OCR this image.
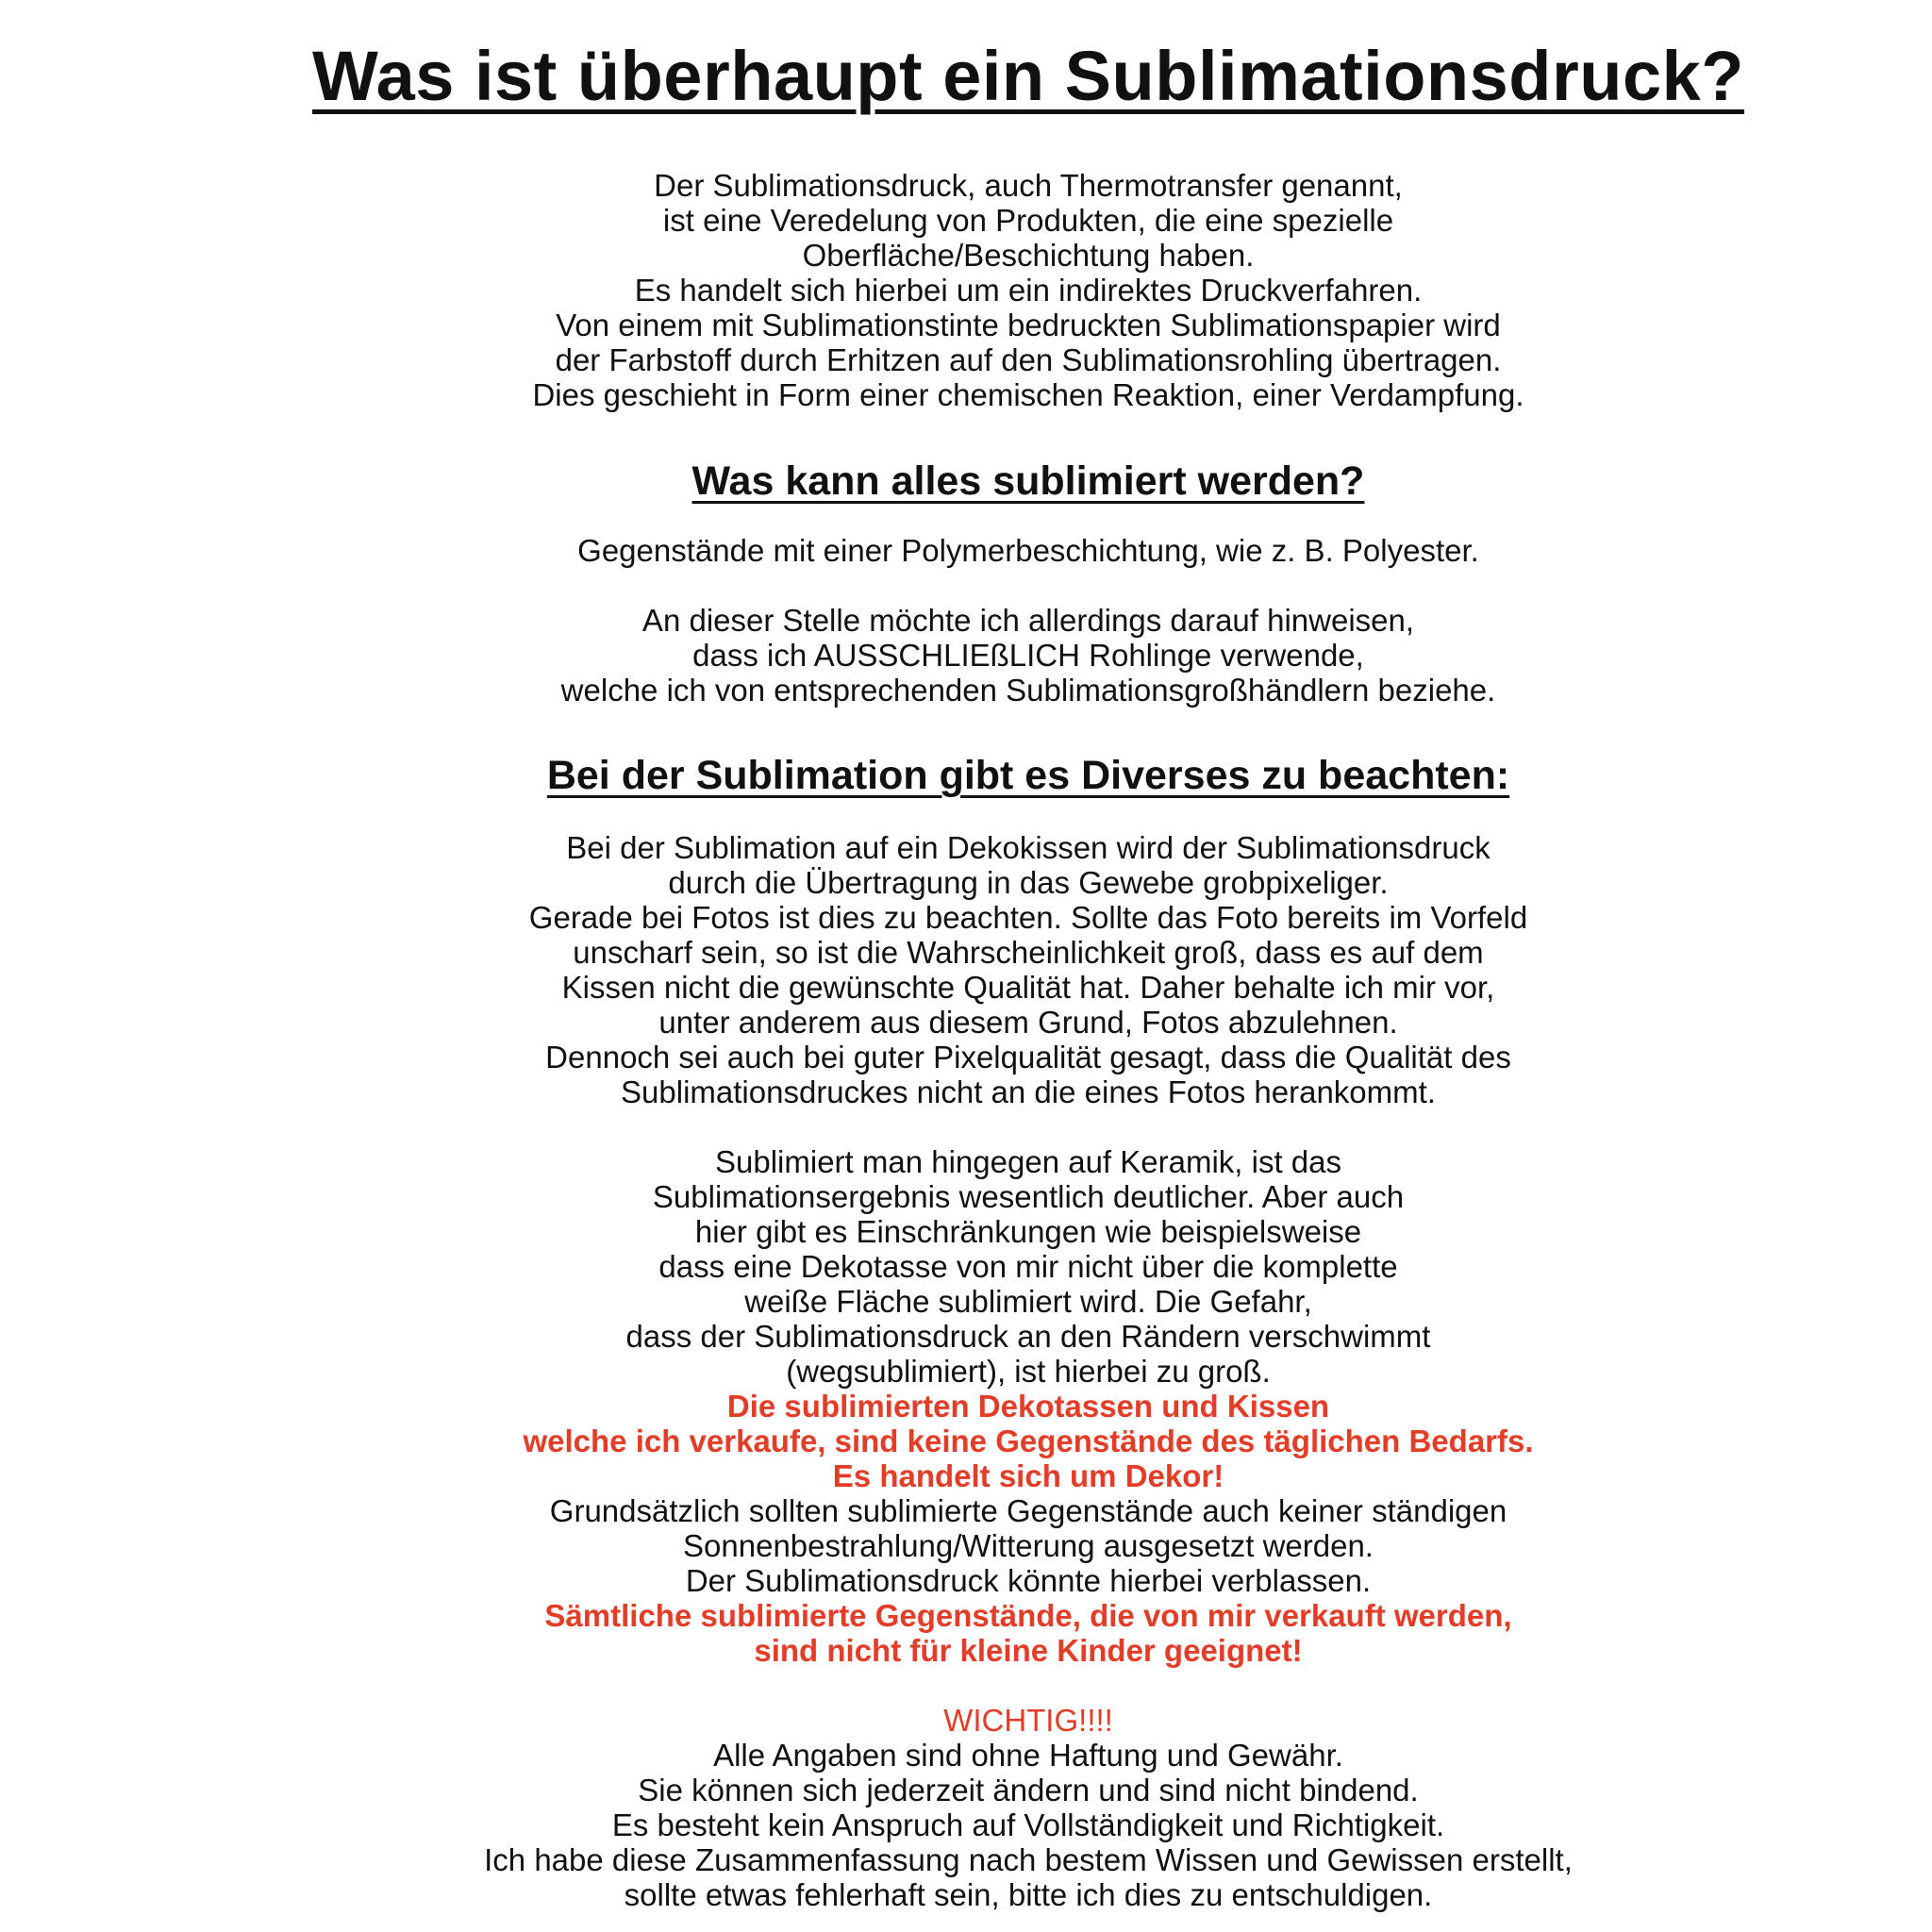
Was ist überhaupt ein Sublimationsdruck?
Der Sublimationsdruck, auch Thermotransfer genannt,
ist eine Veredelung von Produkten, die eine spezielle
Oberfläche/Beschichtung haben.
Es handelt sich hierbei um ein indirektes Druckverfahren.
Von einem mit Sublimationstinte bedruckten Sublimationspapier wird
der Farbstoff durch Erhitzen auf den Sublimationsrohling übertragen.
Dies geschieht in Form einer chemischen Reaktion, einer Verdampfung.
Was kann alles sublimiert werden?
Gegenstände mit einer Polymerbeschichtung, wie z. B. Polyester.
An dieser Stelle möchte ich allerdings darauf hinweisen,
dass ich AUSSCHLIEßLICH Rohlinge verwende,
welche ich von entsprechenden Sublimationsgroßhändlern beziehe.
Bei der Sublimation gibt es Diverses zu beachten:
Bei der Sublimation auf ein Dekokissen wird der Sublimationsdruck
durch die Übertragung in das Gewebe grobpixeliger.
Gerade bei Fotos ist dies zu beachten. Sollte das Foto bereits im Vorfeld
unscharf sein, so ist die Wahrscheinlichkeit groß, dass es auf dem
Kissen nicht die gewünschte Qualität hat. Daher behalte ich mir vor,
unter anderem aus diesem Grund, Fotos abzulehnen.
Dennoch sei auch bei guter Pixelqualität gesagt, dass die Qualität des
Sublimationsdruckes nicht an die eines Fotos herankommt.
Sublimiert man hingegen auf Keramik, ist das
Sublimationsergebnis wesentlich deutlicher. Aber auch
hier gibt es Einschränkungen wie beispielsweise
dass eine Dekotasse von mir nicht über die komplette
weiße Fläche sublimiert wird. Die Gefahr,
dass der Sublimationsdruck an den Rändern verschwimmt
(wegsublimiert), ist hierbei zu groß.
Die sublimierten Dekotassen und Kissen
welche ich verkaufe, sind keine Gegenstände des täglichen Bedarfs.
Es handelt sich um Dekor!
Grundsätzlich sollten sublimierte Gegenstände auch keiner ständigen
Sonnenbestrahlung/Witterung ausgesetzt werden.
Der Sublimationsdruck könnte hierbei verblassen.
Sämtliche sublimierte Gegenstände, die von mir verkauft werden,
sind nicht für kleine Kinder geeignet!
WICHTIG!!!!
Alle Angaben sind ohne Haftung und Gewähr.
Sie können sich jederzeit ändern und sind nicht bindend.
Es besteht kein Anspruch auf Vollständigkeit und Richtigkeit.
Ich habe diese Zusammenfassung nach bestem Wissen und Gewissen erstellt,
sollte etwas fehlerhaft sein, bitte ich dies zu entschuldigen.
